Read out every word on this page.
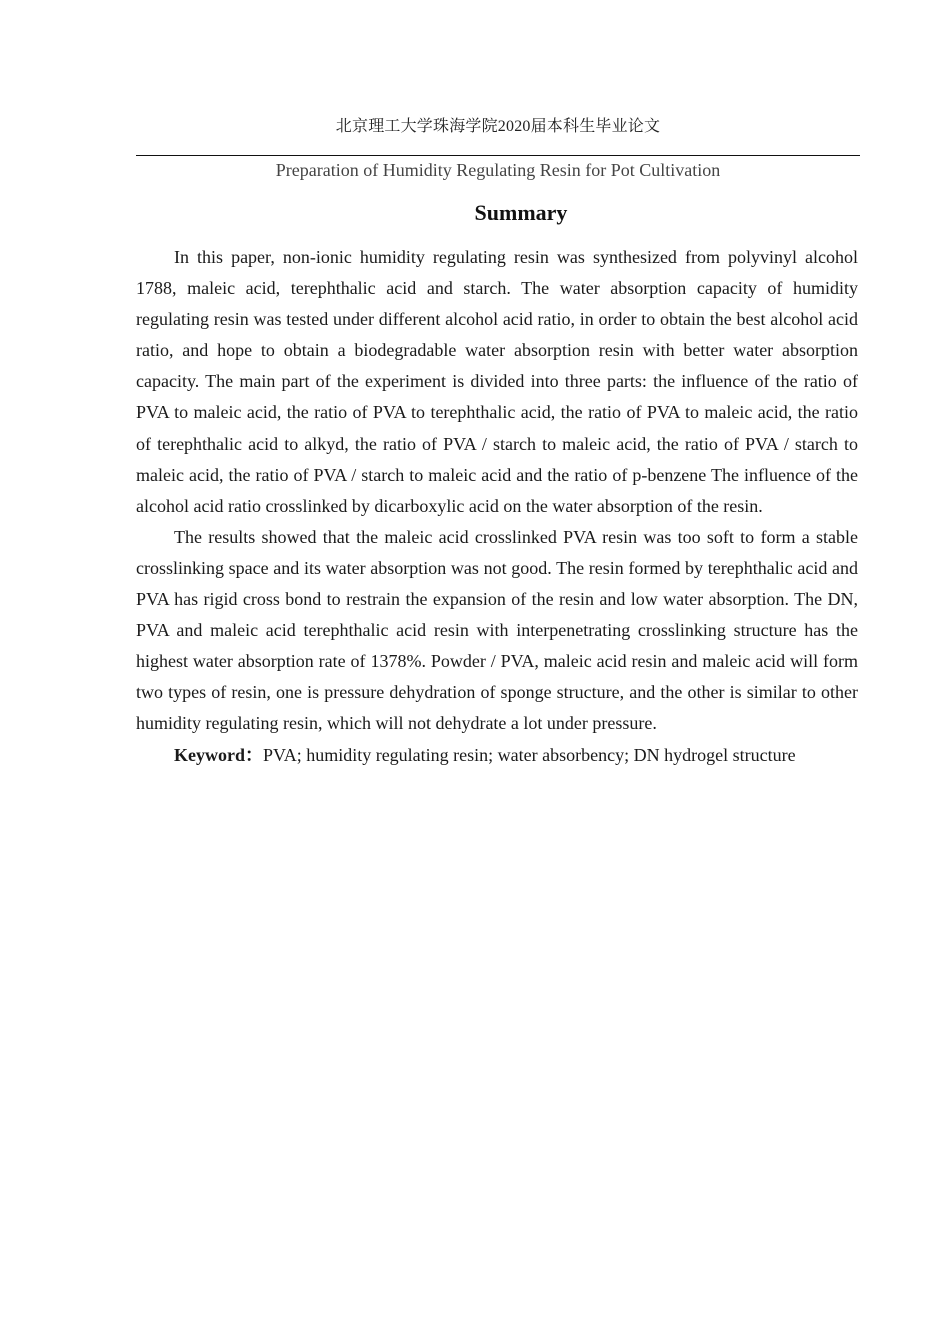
北京理工大学珠海学院2020届本科生毕业论文
Preparation of Humidity Regulating Resin for Pot Cultivation
Summary

In this paper, non-ionic humidity regulating resin was synthesized from polyvinyl alcohol 1788, maleic acid, terephthalic acid and starch. The water absorption capacity of humidity regulating resin was tested under different alcohol acid ratio, in order to obtain the best alcohol acid ratio, and hope to obtain a biodegradable water absorption resin with better water absorption capacity. The main part of the experiment is divided into three parts: the influence of the ratio of PVA to maleic acid, the ratio of PVA to terephthalic acid, the ratio of PVA to maleic acid, the ratio of terephthalic acid to alkyd, the ratio of PVA / starch to maleic acid, the ratio of PVA / starch to maleic acid, the ratio of PVA / starch to maleic acid and the ratio of p-benzene The influence of the alcohol acid ratio crosslinked by dicarboxylic acid on the water absorption of the resin.

The results showed that the maleic acid crosslinked PVA resin was too soft to form a stable crosslinking space and its water absorption was not good. The resin formed by terephthalic acid and PVA has rigid cross bond to restrain the expansion of the resin and low water absorption. The DN, PVA and maleic acid terephthalic acid resin with interpenetrating crosslinking structure has the highest water absorption rate of 1378%. Powder / PVA, maleic acid resin and maleic acid will form two types of resin, one is pressure dehydration of sponge structure, and the other is similar to other humidity regulating resin, which will not dehydrate a lot under pressure.

Keyword：PVA; humidity regulating resin; water absorbency; DN hydrogel structure
